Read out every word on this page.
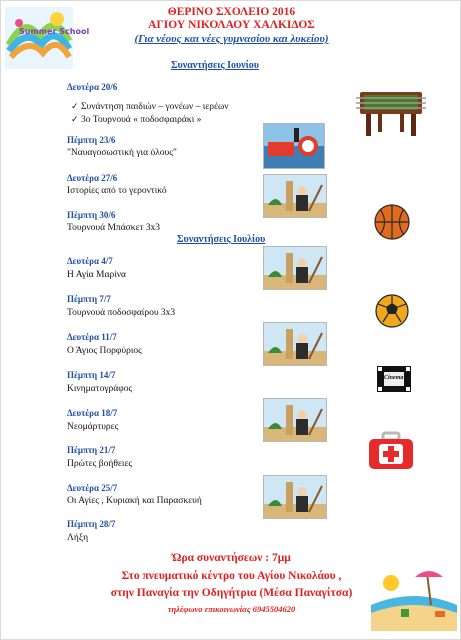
Summer School
ΘΕΡΙΝΟ ΣΧΟΛΕΙΟ 2016
ΑΓΙΟΥ ΝΙΚΟΛΑΟΥ ΧΑΛΚΙΔΟΣ
(Για νέους και νέες γυμνασίου και λυκείου)
Συναντήσεις Ιουνίου
Δευτέρα 20/6
✓ Συνάντηση παιδιών – γονέων – ιερέων
✓ 3ο Τουρνουά « ποδοσφαιράκι »
Πέμπτη 23/6
"Ναυαγοσωστική για όλους"
Δευτέρα 27/6
Ιστορίες από το γεροντικό
Πέμπτη 30/6
Τουρνουά Μπάσκετ 3x3
Συναντήσεις Ιουλίου
Δευτέρα 4/7
Η Αγία Μαρίνα
Πέμπτη 7/7
Τουρνουά ποδοσφαίρου 3x3
Δευτέρα 11/7
Ο Άγιος Πορφύριος
Πέμπτη 14/7
Κινηματογράφος
Δευτέρα 18/7
Νεομάρτυρες
Πέμπτη 21/7
Πρώτες βοήθειες
Δευτέρα 25/7
Οι Αγίες , Κυριακή και Παρασκευή
Πέμπτη 28/7
Λήξη
Cinema
Ώρα συναντήσεων : 7μμ
Στο πνευματικό κέντρο του Αγίου Νικολάου ,
στην Παναγία την Οδηγήτρια (Μέσα Παναγίτσα)
τηλέφωνο επικοινωνίας 6945504620
